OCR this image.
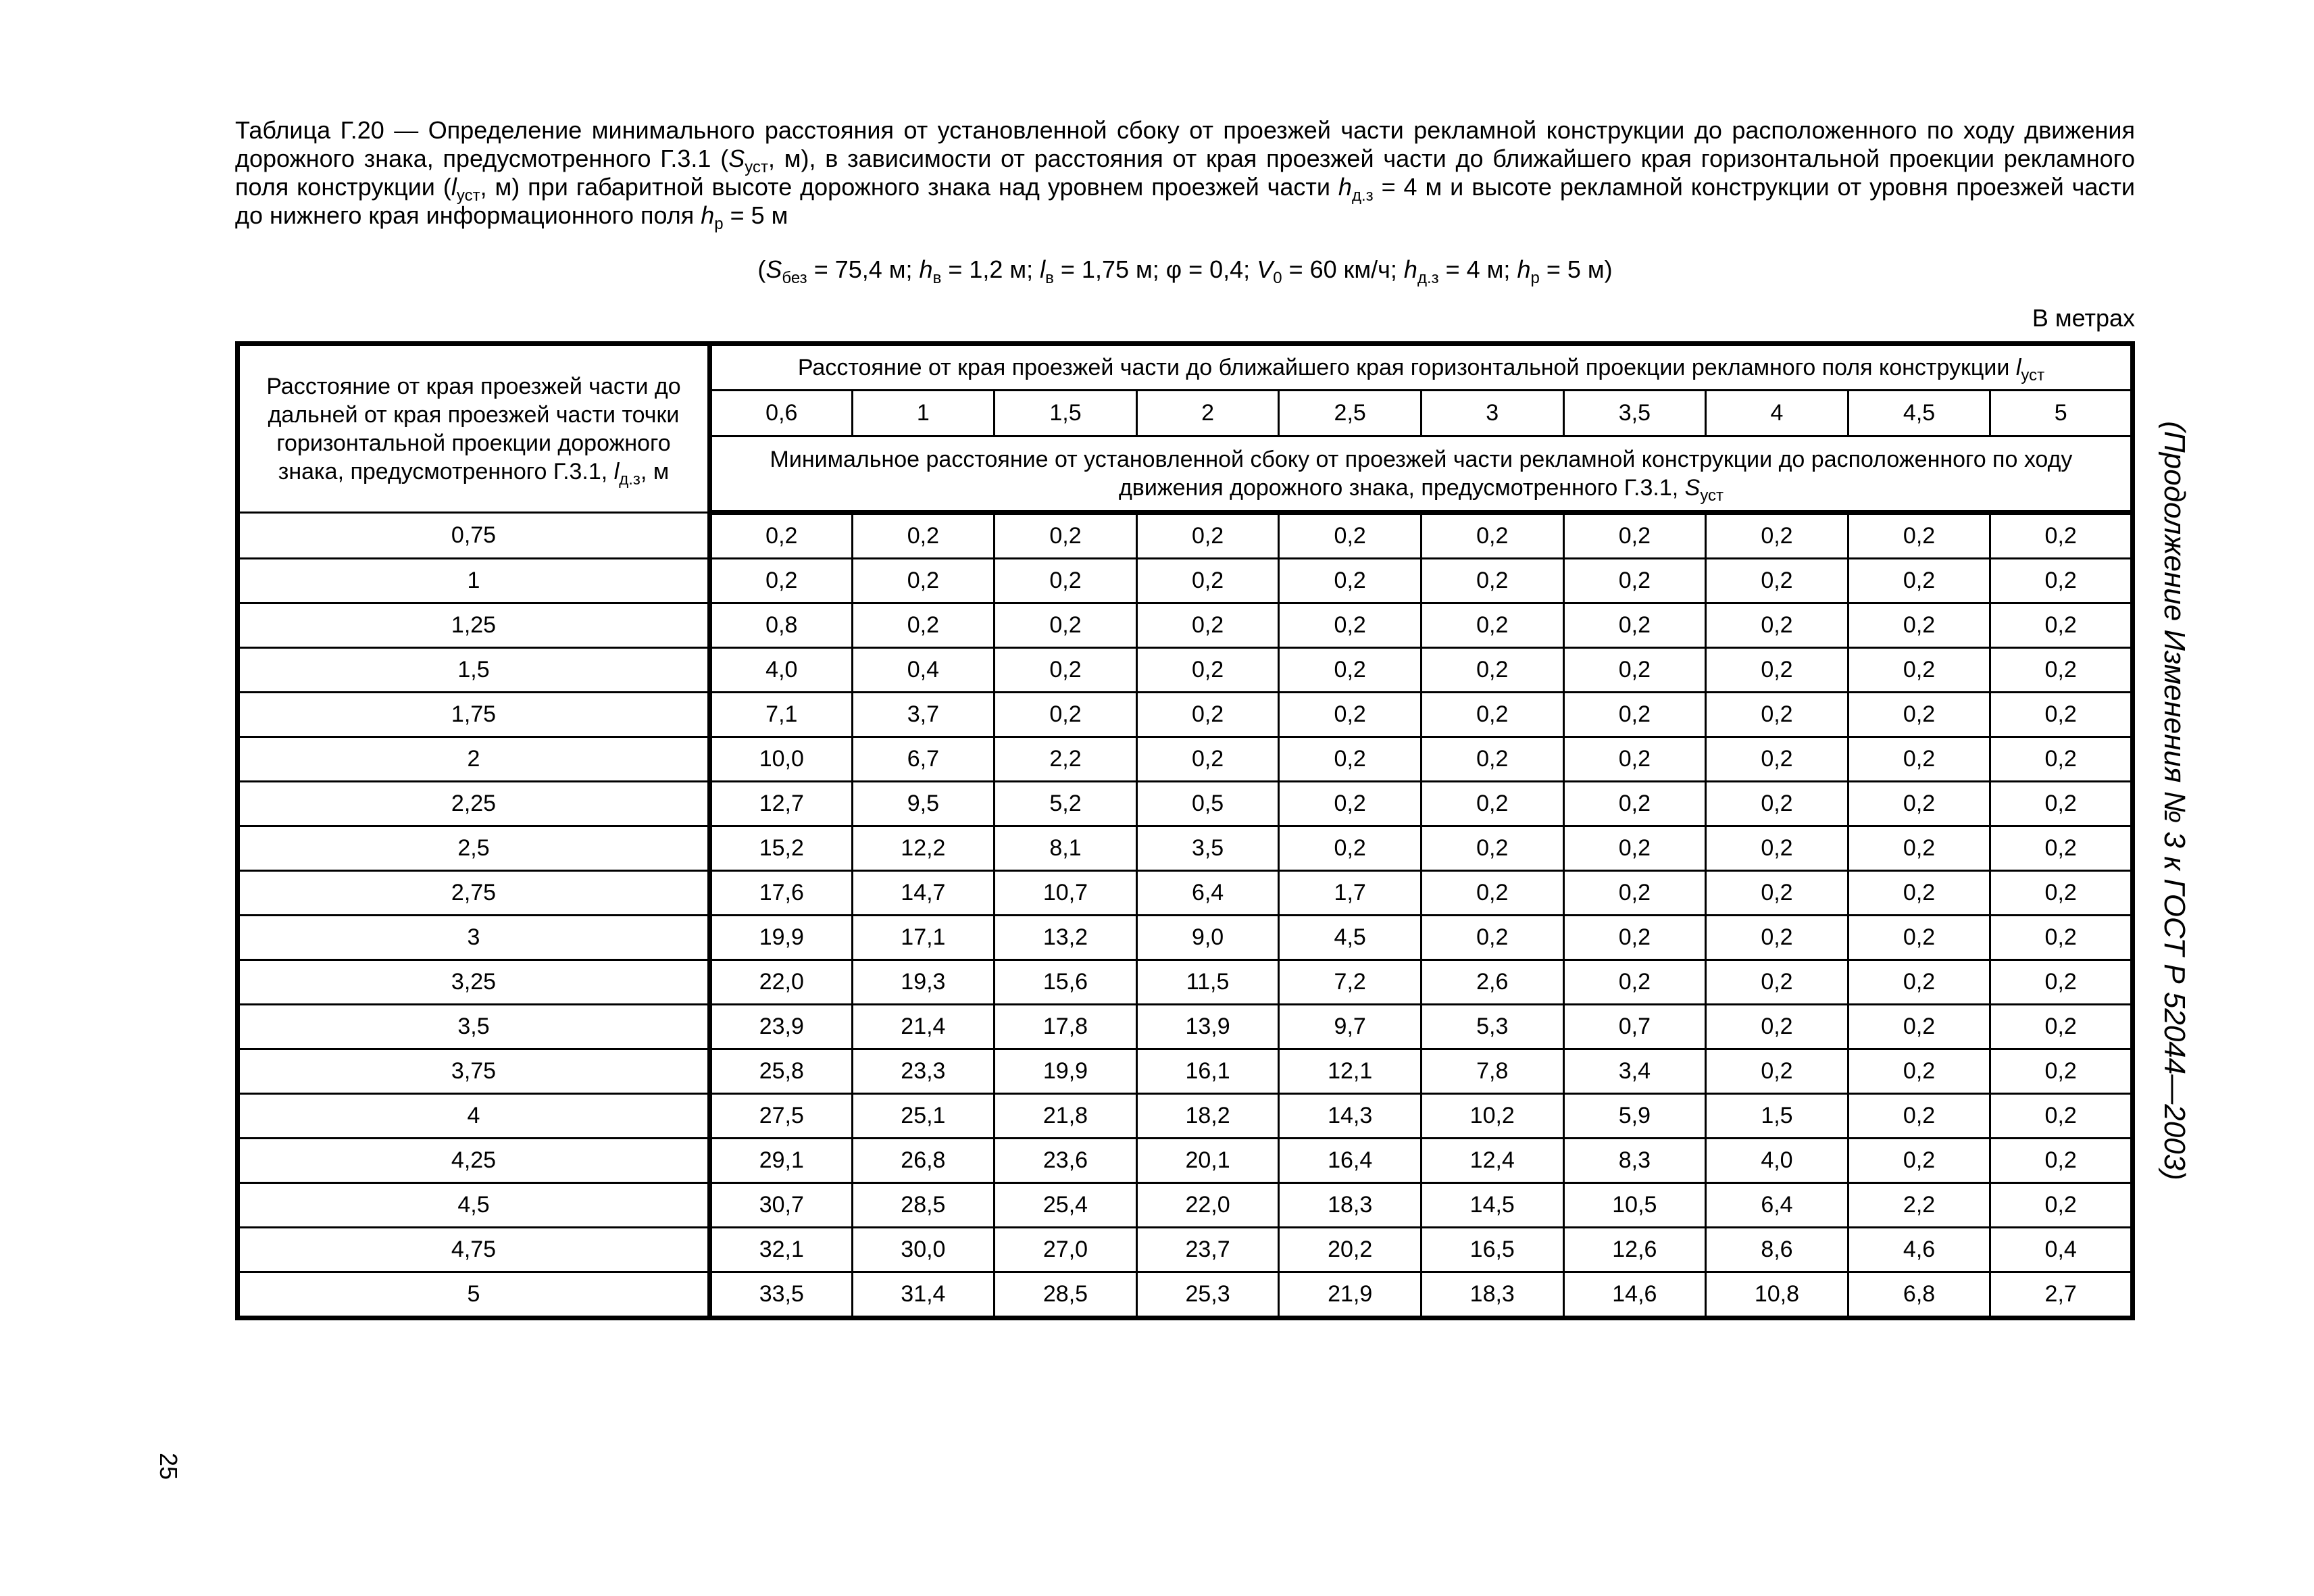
Таблица Г.20 — Определение минимального расстояния от установленной сбоку от проезжей части рекламной конструкции до расположенного по ходу движения дорожного знака, предусмотренного Г.3.1 ($S_{уст}$, м), в зависимости от расстояния от края проезжей части до ближайшего края горизонтальной проекции рекламного поля конструкции ($l_{уст}$, м) при габаритной высоте дорожного знака над уровнем проезжей части $h_{д.з} = 4$ м и высоте рекламной конструкции от уровня проезжей части до нижнего края информационного поля $h_р = 5$ м
($S_{без} = 75,4$ м; $h_в = 1,2$ м; $l_в = 1,75$ м; φ = 0,4; $V_0 = 60$ км/ч; $h_{д.з} = 4$ м; $h_р = 5$ м)
В метрах
Расстояние от края проезжей части до дальней от края проезжей части точки горизонтальной проекции дорожного знака, предусмотренного Г.3.1, $l_{д.з}$, м	Расстояние от края проезжей части до ближайшего края горизонтальной проекции рекламного поля конструкции $l_{уст}$
	0,6	1	1,5	2	2,5	3	3,5	4	4,5	5
	Минимальное расстояние от установленной сбоку от проезжей части рекламной конструкции до расположенного по ходу движения дорожного знака, предусмотренного Г.3.1, $S_{уст}$
0,75	0,2	0,2	0,2	0,2	0,2	0,2	0,2	0,2	0,2	0,2
1	0,2	0,2	0,2	0,2	0,2	0,2	0,2	0,2	0,2	0,2
1,25	0,8	0,2	0,2	0,2	0,2	0,2	0,2	0,2	0,2	0,2
1,5	4,0	0,4	0,2	0,2	0,2	0,2	0,2	0,2	0,2	0,2
1,75	7,1	3,7	0,2	0,2	0,2	0,2	0,2	0,2	0,2	0,2
2	10,0	6,7	2,2	0,2	0,2	0,2	0,2	0,2	0,2	0,2
2,25	12,7	9,5	5,2	0,5	0,2	0,2	0,2	0,2	0,2	0,2
2,5	15,2	12,2	8,1	3,5	0,2	0,2	0,2	0,2	0,2	0,2
2,75	17,6	14,7	10,7	6,4	1,7	0,2	0,2	0,2	0,2	0,2
3	19,9	17,1	13,2	9,0	4,5	0,2	0,2	0,2	0,2	0,2
3,25	22,0	19,3	15,6	11,5	7,2	2,6	0,2	0,2	0,2	0,2
3,5	23,9	21,4	17,8	13,9	9,7	5,3	0,7	0,2	0,2	0,2
3,75	25,8	23,3	19,9	16,1	12,1	7,8	3,4	0,2	0,2	0,2
4	27,5	25,1	21,8	18,2	14,3	10,2	5,9	1,5	0,2	0,2
4,25	29,1	26,8	23,6	20,1	16,4	12,4	8,3	4,0	0,2	0,2
4,5	30,7	28,5	25,4	22,0	18,3	14,5	10,5	6,4	2,2	0,2
4,75	32,1	30,0	27,0	23,7	20,2	16,5	12,6	8,6	4,6	0,4
5	33,5	31,4	28,5	25,3	21,9	18,3	14,6	10,8	6,8	2,7
25
(Продолжение Изменения № 3 к ГОСТ Р 52044—2003)
